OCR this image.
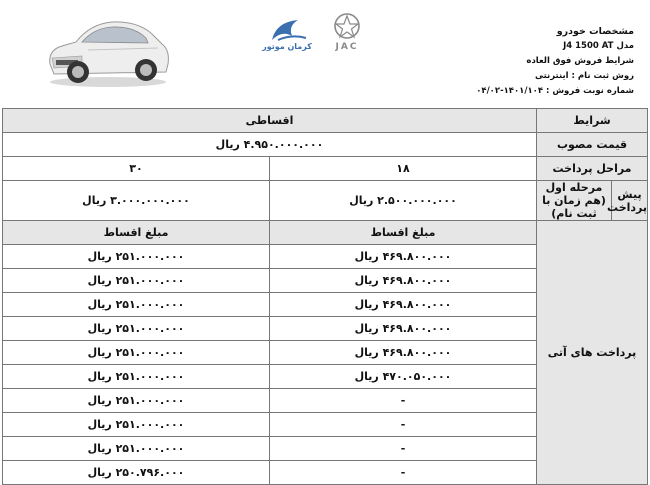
کرمان موتور	JAC
مشخصات خودرو
مدل J4 1500 AT
شرایط فروش فوق العاده
روش ثبت نام : اینترنتی
شماره نوبت فروش : ۱۴۰۱/۱۰۴-۰۴/۰۲
شرایط		اقساطی	
قیمت مصوب		۴.۹۵۰.۰۰۰.۰۰۰ ریال	
مراحل پرداخت		۱۸	۳۰
پیش پرداخت	مرحله اول (هم زمان با ثبت نام)	۲.۵۰۰.۰۰۰.۰۰۰ ریال	۳.۰۰۰.۰۰۰.۰۰۰ ریال
پرداخت های آتی		مبلغ اقساط	مبلغ اقساط
		۴۶۹.۸۰۰.۰۰۰ ریال	۲۵۱.۰۰۰.۰۰۰ ریال
		۴۶۹.۸۰۰.۰۰۰ ریال	۲۵۱.۰۰۰.۰۰۰ ریال
		۴۶۹.۸۰۰.۰۰۰ ریال	۲۵۱.۰۰۰.۰۰۰ ریال
		۴۶۹.۸۰۰.۰۰۰ ریال	۲۵۱.۰۰۰.۰۰۰ ریال
		۴۶۹.۸۰۰.۰۰۰ ریال	۲۵۱.۰۰۰.۰۰۰ ریال
		۴۷۰.۰۵۰.۰۰۰ ریال	۲۵۱.۰۰۰.۰۰۰ ریال
		-	۲۵۱.۰۰۰.۰۰۰ ریال
		-	۲۵۱.۰۰۰.۰۰۰ ریال
		-	۲۵۱.۰۰۰.۰۰۰ ریال
		-	۲۵۰.۷۹۶.۰۰۰ ریال
